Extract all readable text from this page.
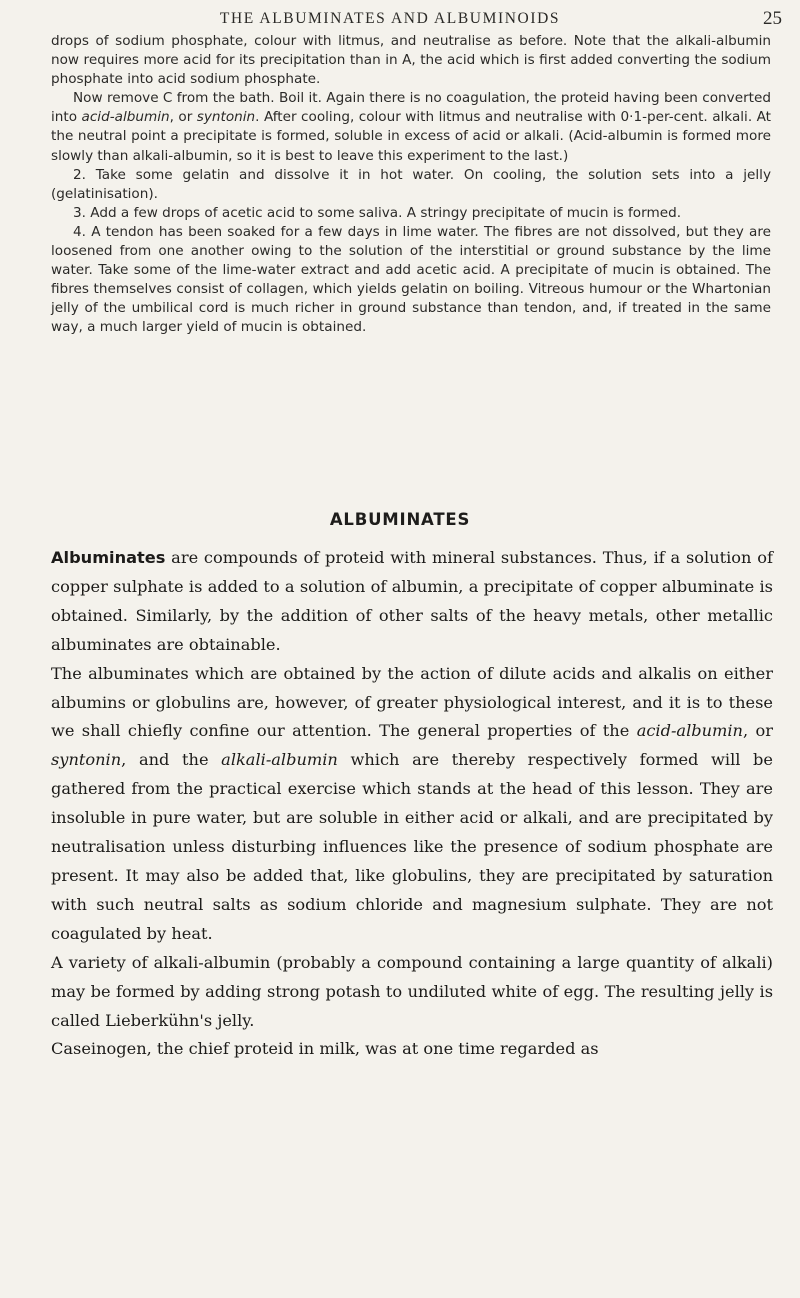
THE ALBUMINATES AND ALBUMINOIDS	25

drops of sodium phosphate, colour with litmus, and neutralise as before. Note that the alkali-albumin now requires more acid for its precipitation than in A, the acid which is first added converting the sodium phosphate into acid sodium phosphate.

Now remove C from the bath. Boil it. Again there is no coagulation, the proteid having been converted into acid-albumin, or syntonin. After cooling, colour with litmus and neutralise with 0·1-per-cent. alkali. At the neutral point a precipitate is formed, soluble in excess of acid or alkali. (Acid-albumin is formed more slowly than alkali-albumin, so it is best to leave this experiment to the last.)

2. Take some gelatin and dissolve it in hot water. On cooling, the solution sets into a jelly (gelatinisation).

3. Add a few drops of acetic acid to some saliva. A stringy precipitate of mucin is formed.

4. A tendon has been soaked for a few days in lime water. The fibres are not dissolved, but they are loosened from one another owing to the solution of the interstitial or ground substance by the lime water. Take some of the lime-water extract and add acetic acid. A precipitate of mucin is obtained. The fibres themselves consist of collagen, which yields gelatin on boiling. Vitreous humour or the Whartonian jelly of the umbilical cord is much richer in ground substance than tendon, and, if treated in the same way, a much larger yield of mucin is obtained.

ALBUMINATES

Albuminates are compounds of proteid with mineral substances. Thus, if a solution of copper sulphate is added to a solution of albumin, a precipitate of copper albuminate is obtained. Similarly, by the addition of other salts of the heavy metals, other metallic albuminates are obtainable.

The albuminates which are obtained by the action of dilute acids and alkalis on either albumins or globulins are, however, of greater physiological interest, and it is to these we shall chiefly confine our attention. The general properties of the acid-albumin, or syntonin, and the alkali-albumin which are thereby respectively formed will be gathered from the practical exercise which stands at the head of this lesson. They are insoluble in pure water, but are soluble in either acid or alkali, and are precipitated by neutralisation unless disturbing influences like the presence of sodium phosphate are present. It may also be added that, like globulins, they are precipitated by saturation with such neutral salts as sodium chloride and magnesium sulphate. They are not coagulated by heat.

A variety of alkali-albumin (probably a compound containing a large quantity of alkali) may be formed by adding strong potash to undiluted white of egg. The resulting jelly is called Lieberkühn's jelly.

Caseinogen, the chief proteid in milk, was at one time regarded as
